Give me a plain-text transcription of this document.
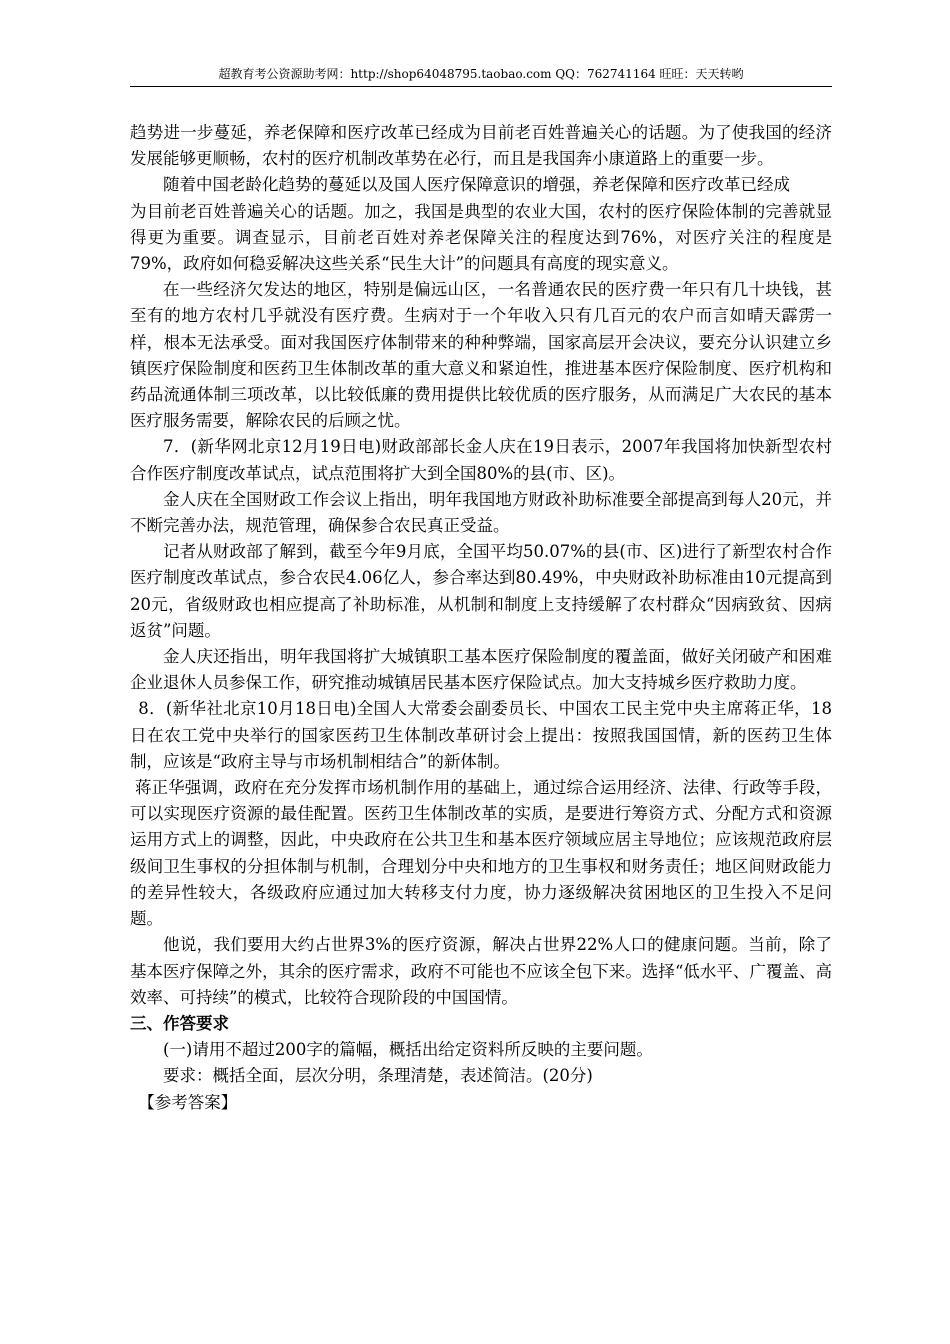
超教育考公资源助考网：http://shop64048795.taobao.com QQ：762741164 旺旺：天天转哟

趋势进一步蔓延，养老保障和医疗改革已经成为目前老百姓普遍关心的话题。为了使我国的经济发展能够更顺畅，农村的医疗机制改革势在必行，而且是我国奔小康道路上的重要一步。

随着中国老龄化趋势的蔓延以及国人医疗保障意识的增强，养老保障和医疗改革已经成

为目前老百姓普遍关心的话题。加之，我国是典型的农业大国，农村的医疗保险体制的完善就显得更为重要。调查显示，目前老百姓对养老保障关注的程度达到76%，对医疗关注的程度是79%，政府如何稳妥解决这些关系“民生大计”的问题具有高度的现实意义。

在一些经济欠发达的地区，特别是偏远山区，一名普通农民的医疗费一年只有几十块钱，甚至有的地方农村几乎就没有医疗费。生病对于一个年收入只有几百元的农户而言如晴天霹雳一样，根本无法承受。面对我国医疗体制带来的种种弊端，国家高层开会决议，要充分认识建立乡镇医疗保险制度和医药卫生体制改革的重大意义和紧迫性，推进基本医疗保险制度、医疗机构和药品流通体制三项改革，以比较低廉的费用提供比较优质的医疗服务，从而满足广大农民的基本医疗服务需要，解除农民的后顾之忧。

7．(新华网北京12月19日电)财政部部长金人庆在19日表示，2007年我国将加快新型农村合作医疗制度改革试点，试点范围将扩大到全国80%的县(市、区)。

金人庆在全国财政工作会议上指出，明年我国地方财政补助标准要全部提高到每人20元，并不断完善办法，规范管理，确保参合农民真正受益。

记者从财政部了解到，截至今年9月底，全国平均50.07%的县(市、区)进行了新型农村合作医疗制度改革试点，参合农民4.06亿人，参合率达到80.49%，中央财政补助标准由10元提高到20元，省级财政也相应提高了补助标准，从机制和制度上支持缓解了农村群众“因病致贫、因病返贫”问题。

金人庆还指出，明年我国将扩大城镇职工基本医疗保险制度的覆盖面，做好关闭破产和困难企业退休人员参保工作，研究推动城镇居民基本医疗保险试点。加大支持城乡医疗救助力度。

8．(新华社北京10月18日电)全国人大常委会副委员长、中国农工民主党中央主席蒋正华，18日在农工党中央举行的国家医药卫生体制改革研讨会上提出：按照我国国情，新的医药卫生体制，应该是“政府主导与市场机制相结合”的新体制。

蒋正华强调，政府在充分发挥市场机制作用的基础上，通过综合运用经济、法律、行政等手段，可以实现医疗资源的最佳配置。医药卫生体制改革的实质，是要进行筹资方式、分配方式和资源运用方式上的调整，因此，中央政府在公共卫生和基本医疗领域应居主导地位；应该规范政府层级间卫生事权的分担体制与机制，合理划分中央和地方的卫生事权和财务责任；地区间财政能力的差异性较大，各级政府应通过加大转移支付力度，协力逐级解决贫困地区的卫生投入不足问题。

他说，我们要用大约占世界3%的医疗资源，解决占世界22%人口的健康问题。当前，除了基本医疗保障之外，其余的医疗需求，政府不可能也不应该全包下来。选择“低水平、广覆盖、高效率、可持续”的模式，比较符合现阶段的中国国情。

三、作答要求

(一)请用不超过200字的篇幅，概括出给定资料所反映的主要问题。

要求：概括全面，层次分明，条理清楚，表述简洁。(20分)

【参考答案】
